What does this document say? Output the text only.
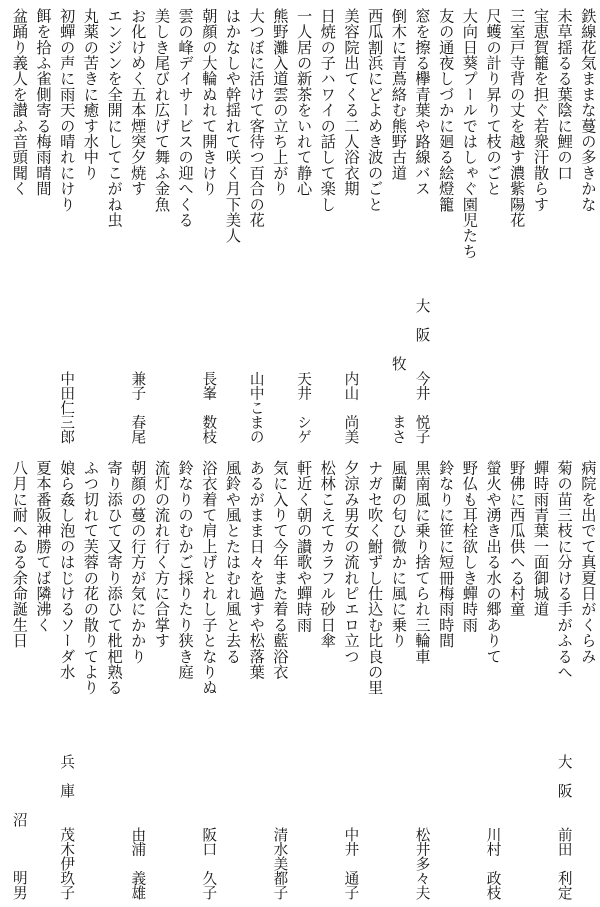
鉄線花気ままな蔓の多きかな
未草揺るる葉陰に鯉の口
宝恵賀籠を担ぐ若衆汗散らす
三室戸寺背の丈を越す濃紫陽花
尺蠖の計り昇りて枝のごと
大向日葵プールではしゃぐ園児たち
友の通夜しづかに廻る絵燈籠
窓を擦る欅青葉や路線バス
大　阪　　今井　悦子
倒木に青蔦絡む熊野古道
牧　　　まさ
西瓜割浜にどよめき波のごと
美容院出てくる二人浴衣期
内山　尚美
日焼の子ハワイの話して楽し
一人居の新茶をいれて静心
天井　シゲ
熊野灘入道雲の立ち上がり
大つぼに活けて客待つ百合の花
山中こまの
はかなしや幹揺れて咲く月下美人
朝顔の大輪ぬれて開きけり
長峯　数枝
雲の峰デイサービスの迎へくる
美しき尾びれ広げて舞ふ金魚
お化けめく五本煙突夕焼す
兼子　春尾
エンジンを全開にしてこがね虫
丸薬の苦きに癒す水中り
初蟬の声に雨天の晴れにけり
中田仁三郎
餌を拾ふ雀側寄る梅雨晴間
盆踊り義人を讃ふ音頭聞く
病院を出でて真夏日がくらみ
菊の苗三枝に分ける手がふるへ
大　阪　　前田　利定
蟬時雨青葉一面御城道
野佛に西瓜供へる村童
螢火や湧き出る水の郷ありて
川村　政枝
野仏も耳栓欲しき蟬時雨
鈴なりに笹に短冊梅雨時間
黒南風に乗り捨てられ三輪車
松井多々夫
風蘭の匂ひ微かに風に乗り
ナガセ吹く鮒ずし仕込む比良の里
夕涼み男女の流れピエロ立つ
中井　通子
松林こえてカラフル砂日傘
軒近く朝の讃歌や蟬時雨
気に入りて今年また着る藍浴衣
清水美都子
あるがまま日々を過すや松落葉
風鈴や風とたはむれ風と去る
浴衣着て肩上げとれし子となりぬ
阪口　久子
鈴なりのむかご採りたり狭き庭
流灯の流れ行く方に合掌す
朝顔の蔓の行方が気にかかり
由浦　義雄
寄り添ひて又寄り添ひて枇杷熟る
ふつ切れて芙蓉の花の散りてより
娘ら姦し泡のはじけるソーダ水
兵　庫　　茂木伊玖子
夏本番阪神勝てば隣沸く
八月に耐へゐる余命誕生日
沼　　　明男
